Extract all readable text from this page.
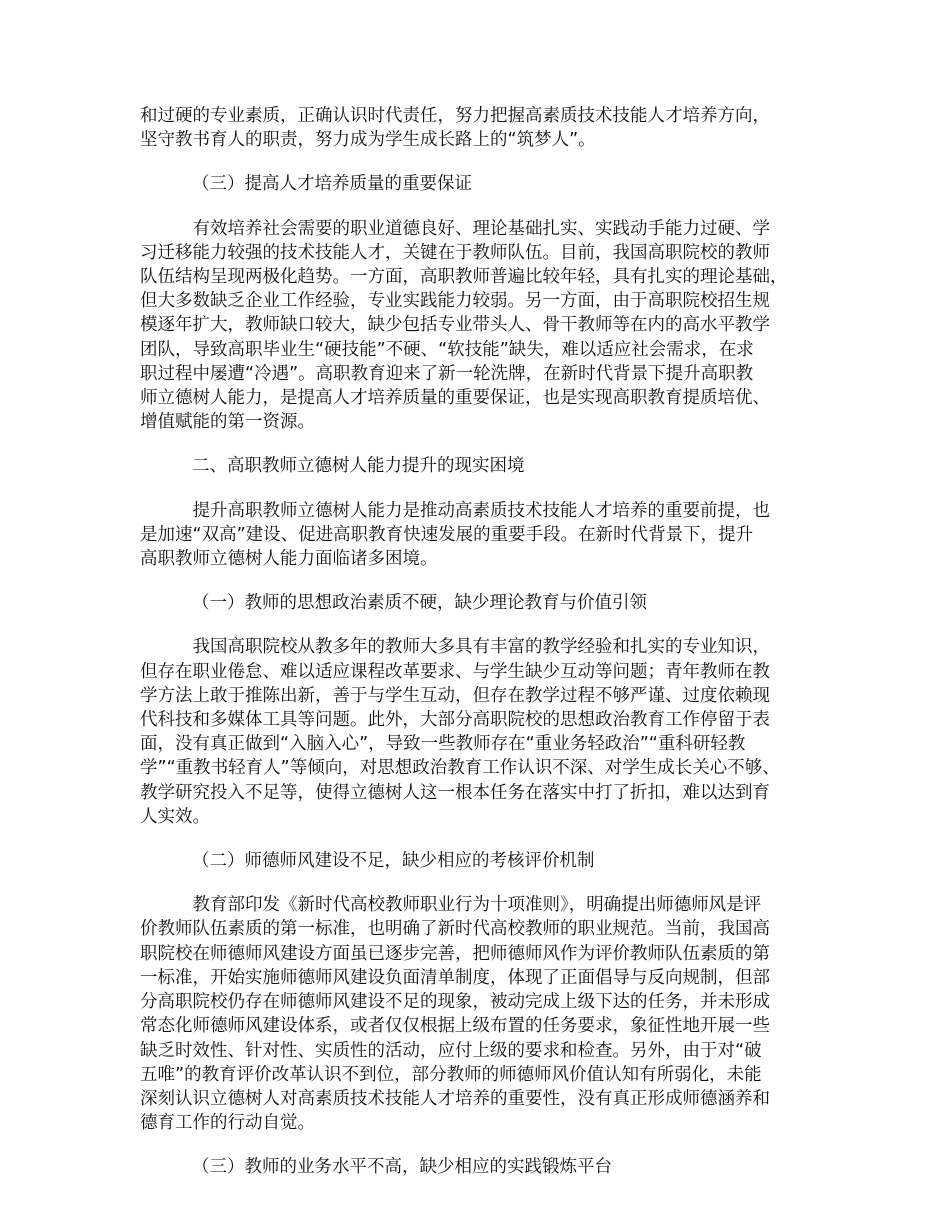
和过硬的专业素质，正确认识时代责任，努力把握高素质技术技能人才培养方向，
坚守教书育人的职责，努力成为学生成长路上的“筑梦人”。
（三）提高人才培养质量的重要保证
　　　有效培养社会需要的职业道德良好、理论基础扎实、实践动手能力过硬、学
习迁移能力较强的技术技能人才，关键在于教师队伍。目前，我国高职院校的教师
队伍结构呈现两极化趋势。一方面，高职教师普遍比较年轻，具有扎实的理论基础，
但大多数缺乏企业工作经验，专业实践能力较弱。另一方面，由于高职院校招生规
模逐年扩大，教师缺口较大，缺少包括专业带头人、骨干教师等在内的高水平教学
团队，导致高职毕业生“硬技能”不硬、“软技能”缺失，难以适应社会需求，在求
职过程中屡遭“冷遇”。高职教育迎来了新一轮洗牌，在新时代背景下提升高职教
师立德树人能力，是提高人才培养质量的重要保证，也是实现高职教育提质培优、
增值赋能的第一资源。
二、高职教师立德树人能力提升的现实困境
　　　提升高职教师立德树人能力是推动高素质技术技能人才培养的重要前提，也
是加速“双高”建设、促进高职教育快速发展的重要手段。在新时代背景下，提升
高职教师立德树人能力面临诸多困境。
（一）教师的思想政治素质不硬，缺少理论教育与价值引领
　　　我国高职院校从教多年的教师大多具有丰富的教学经验和扎实的专业知识，
但存在职业倦怠、难以适应课程改革要求、与学生缺少互动等问题；青年教师在教
学方法上敢于推陈出新，善于与学生互动，但存在教学过程不够严谨、过度依赖现
代科技和多媒体工具等问题。此外，大部分高职院校的思想政治教育工作停留于表
面，没有真正做到“入脑入心”，导致一些教师存在“重业务轻政治”“重科研轻教
学”“重教书轻育人”等倾向，对思想政治教育工作认识不深、对学生成长关心不够、
教学研究投入不足等，使得立德树人这一根本任务在落实中打了折扣，难以达到育
人实效。
（二）师德师风建设不足，缺少相应的考核评价机制
　　　教育部印发《新时代高校教师职业行为十项准则》，明确提出师德师风是评
价教师队伍素质的第一标准，也明确了新时代高校教师的职业规范。当前，我国高
职院校在师德师风建设方面虽已逐步完善，把师德师风作为评价教师队伍素质的第
一标准，开始实施师德师风建设负面清单制度，体现了正面倡导与反向规制，但部
分高职院校仍存在师德师风建设不足的现象，被动完成上级下达的任务，并未形成
常态化师德师风建设体系，或者仅仅根据上级布置的任务要求，象征性地开展一些
缺乏时效性、针对性、实质性的活动，应付上级的要求和检查。另外，由于对“破
五唯”的教育评价改革认识不到位，部分教师的师德师风价值认知有所弱化，未能
深刻认识立德树人对高素质技术技能人才培养的重要性，没有真正形成师德涵养和
德育工作的行动自觉。
（三）教师的业务水平不高，缺少相应的实践锻炼平台
